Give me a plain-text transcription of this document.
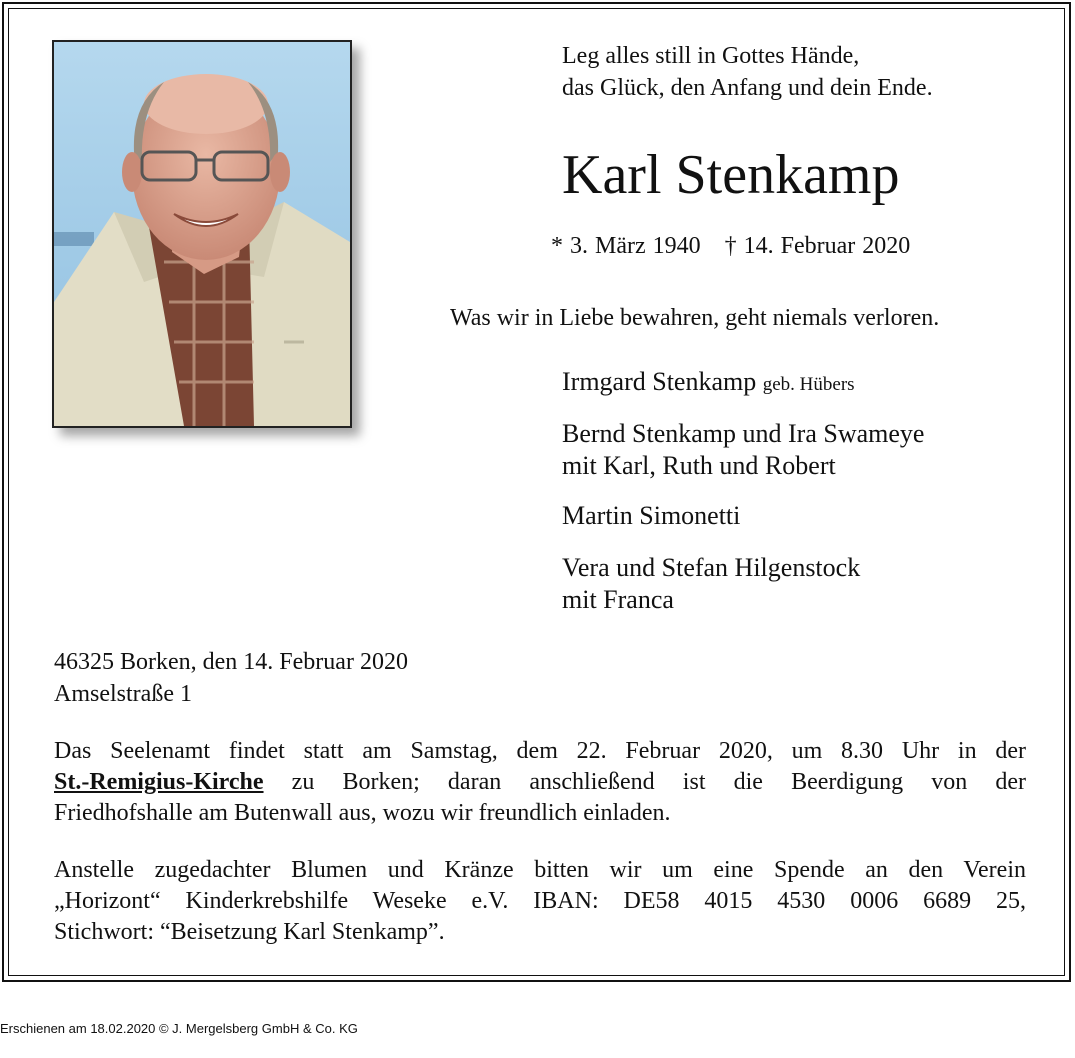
Leg alles still in Gottes Hände,
das Glück, den Anfang und dein Ende.
Karl Stenkamp
* 3. März 1940 † 14. Februar 2020
Was wir in Liebe bewahren, geht niemals verloren.
Irmgard Stenkamp geb. Hübers
Bernd Stenkamp und Ira Swameye
mit Karl, Ruth und Robert
Martin Simonetti
Vera und Stefan Hilgenstock
mit Franca
46325 Borken, den 14. Februar 2020
Amselstraße 1
Das Seelenamt findet statt am Samstag, dem 22. Februar 2020, um 8.30 Uhr in der
St.-Remigius-Kirche zu Borken; daran anschließend ist die Beerdigung von der
Friedhofshalle am Butenwall aus, wozu wir freundlich einladen.
Anstelle zugedachter Blumen und Kränze bitten wir um eine Spende an den Verein
„Horizont“ Kinderkrebshilfe Weseke e.V. IBAN: DE58 4015 4530 0006 6689 25,
Stichwort: “Beisetzung Karl Stenkamp”.
Erschienen am 18.02.2020 © J. Mergelsberg GmbH & Co. KG
